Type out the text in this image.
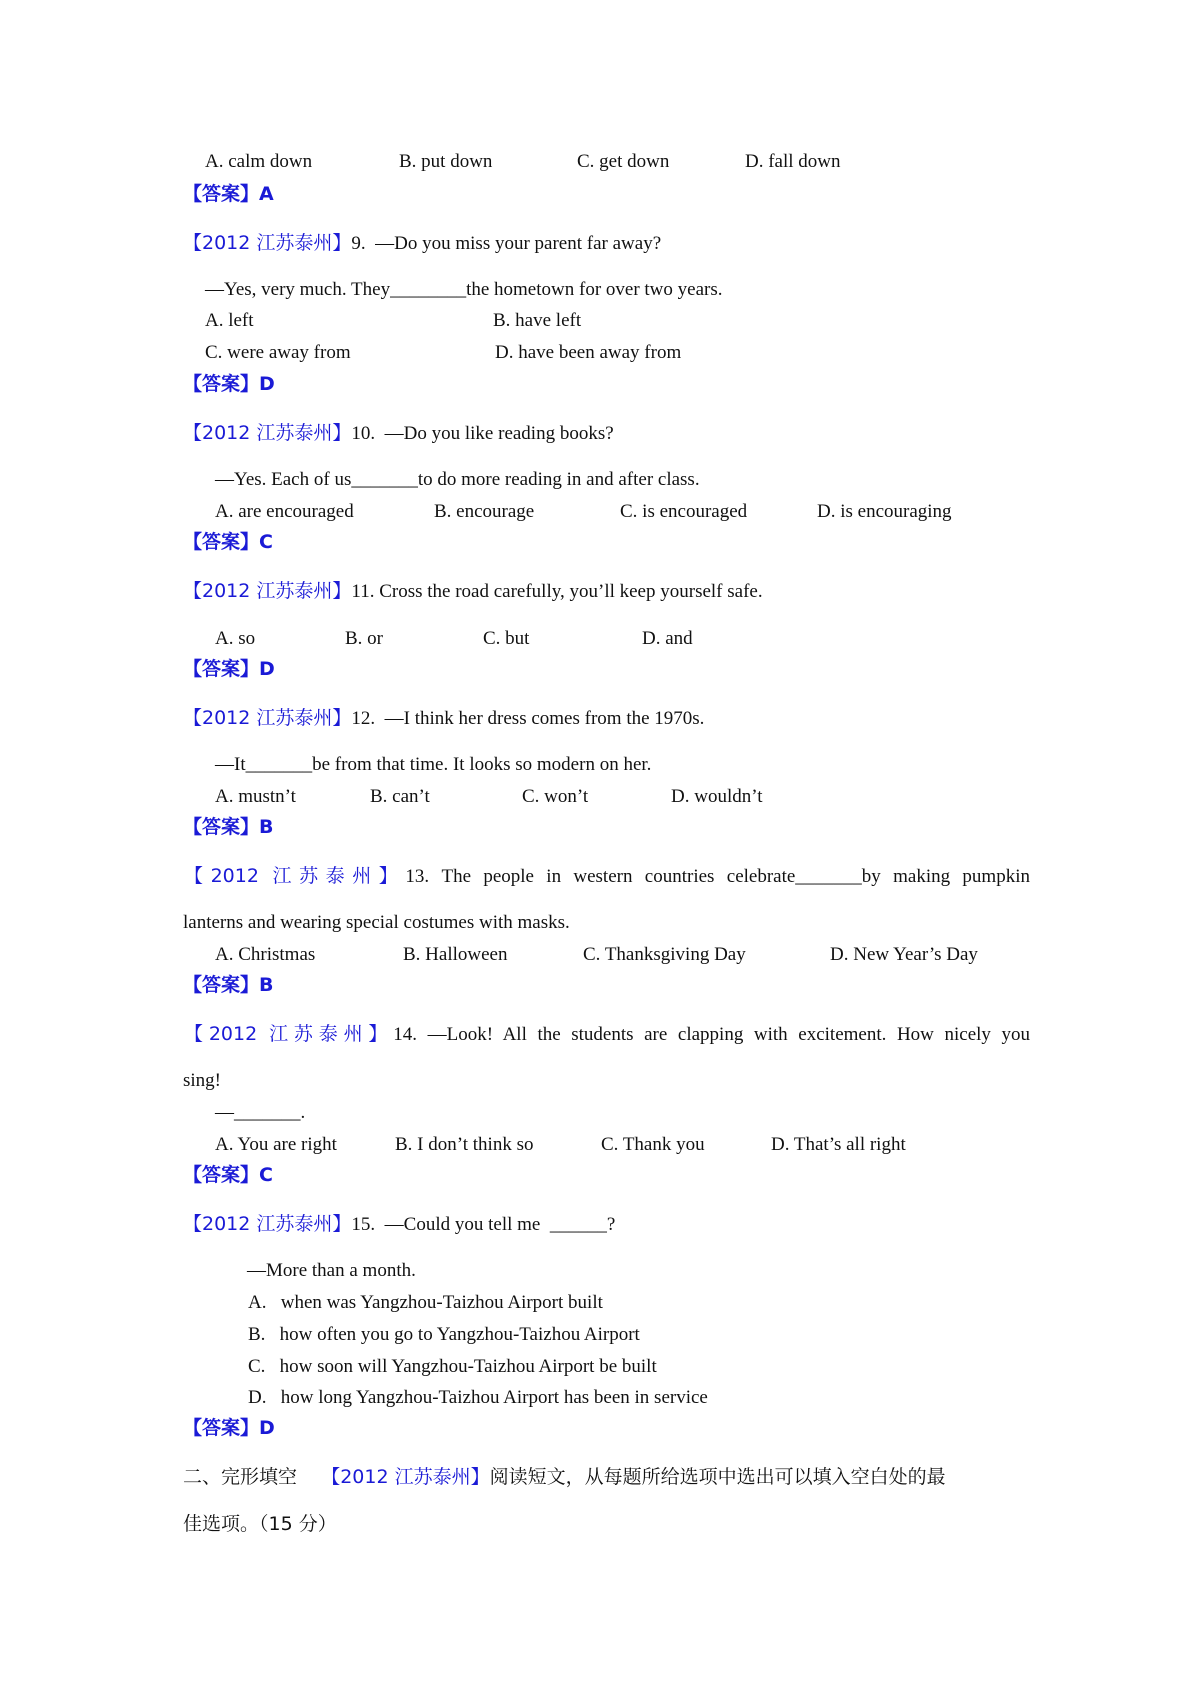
A. calm down	B. put down	C. get down	D. fall down
【答案】A
【2012 江苏泰州】9.  —Do you miss your parent far away?
—Yes, very much. They________the hometown for over two years.
A. left	B. have left
C. were away from	D. have been away from
【答案】D
【2012 江苏泰州】10.  —Do you like reading books?
—Yes. Each of us_______to do more reading in and after class.
A. are encouraged	B. encourage	C. is encouraged	D. is encouraging
【答案】C
【2012 江苏泰州】11. Cross the road carefully, you’ll keep yourself safe.
A. so	B. or	C. but	D. and
【答案】D
【2012 江苏泰州】12.  —I think her dress comes from the 1970s.
—It_______be from that time. It looks so modern on her.
A. mustn’t	B. can’t	C. won’t	D. wouldn’t
【答案】B
【2012 江苏泰州】13. The people in western countries celebrate_______by making pumpkin
lanterns and wearing special costumes with masks.
A. Christmas	B. Halloween	C. Thanksgiving Day	D. New Year’s Day
【答案】B
【2012 江苏泰州】14. —Look! All the students are clapping with excitement. How nicely you
sing!
—_______.
A. You are right	B. I don’t think so	C. Thank you	D. That’s all right
【答案】C
【2012 江苏泰州】15.  —Could you tell me  ______?
—More than a month.
A.   when was Yangzhou-Taizhou Airport built
B.   how often you go to Yangzhou-Taizhou Airport
C.   how soon will Yangzhou-Taizhou Airport be built
D.   how long Yangzhou-Taizhou Airport has been in service
【答案】D
二、完形填空 【2012 江苏泰州】阅读短文，从每题所给选项中选出可以填入空白处的最
佳选项。（15 分）
